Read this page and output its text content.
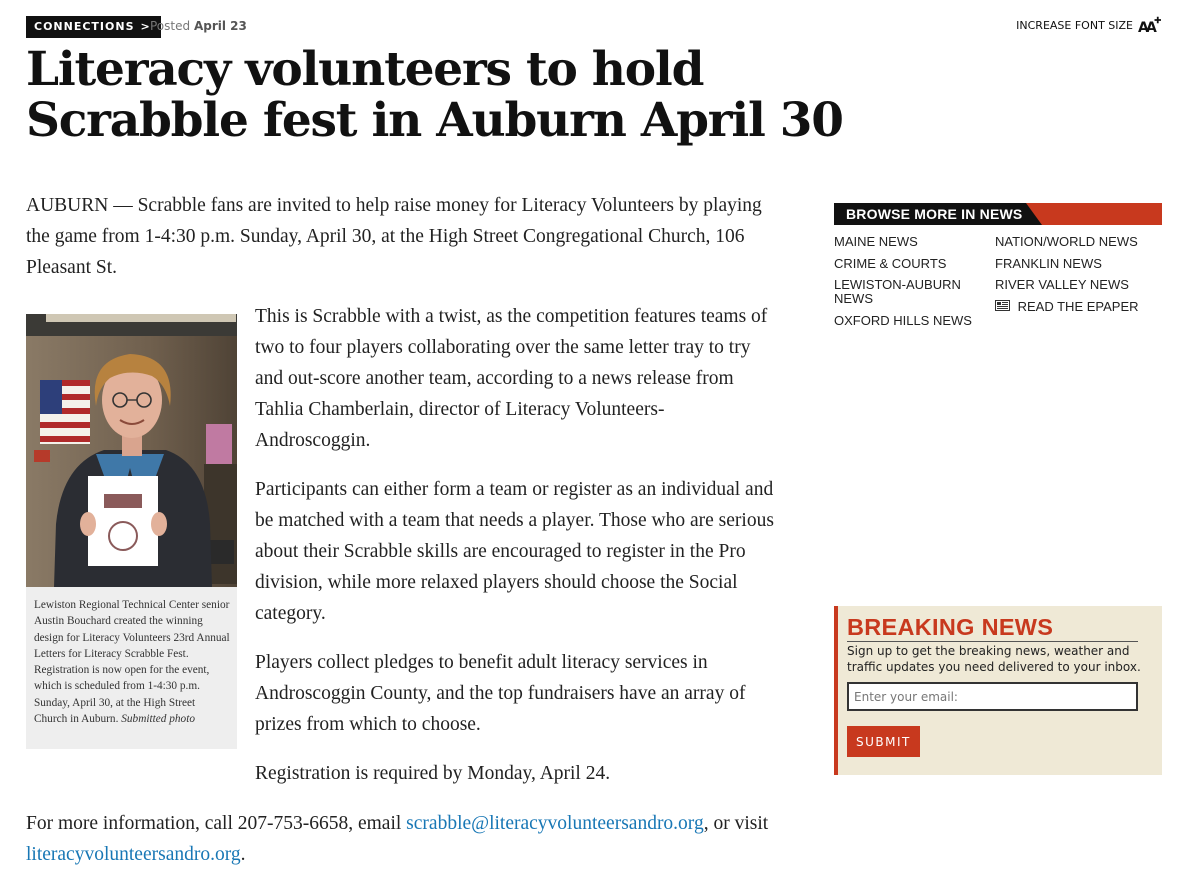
CONNECTIONS > Posted April 23	INCREASE FONT SIZE A
A
Literacy volunteers to hold Scrabble fest in Auburn April 30

AUBURN — Scrabble fans are invited to help raise money for Literacy Volunteers by playing the game from 1-4:30 p.m. Sunday, April 30, at the High Street Congregational Church, 106 Pleasant St.

Lewiston Regional Technical Center senior Austin Bouchard created the winning design for Literacy Volunteers 23rd Annual Letters for Literacy Scrabble Fest. Registration is now open for the event, which is scheduled from 1-4:30 p.m. Sunday, April 30, at the High Street Church in Auburn. Submitted photo

This is Scrabble with a twist, as the competition features teams of two to four players collaborating over the same letter tray to try and out-score another team, according to a news release from Tahlia Chamberlain, director of Literacy Volunteers-Androscoggin.

Participants can either form a team or register as an individual and be matched with a team that needs a player. Those who are serious about their Scrabble skills are encouraged to register in the Pro division, while more relaxed players should choose the Social category.

Players collect pledges to benefit adult literacy services in Androscoggin County, and the top fundraisers have an array of prizes from which to choose.

Registration is required by Monday, April 24.

For more information, call 207-753-6658, email scrabble@literacyvolunteersandro.org, or visit literacyvolunteersandro.org.

BROWSE MORE IN NEWS
MAINE NEWS
CRIME & COURTS
LEWISTON-AUBURN NEWS
OXFORD HILLS NEWS
NATION/WORLD NEWS
FRANKLIN NEWS
RIVER VALLEY NEWS
READ THE EPAPER
BREAKING NEWS

Sign up to get the breaking news, weather and traffic updates you need delivered to your inbox.

Enter your email:
SUBMIT
